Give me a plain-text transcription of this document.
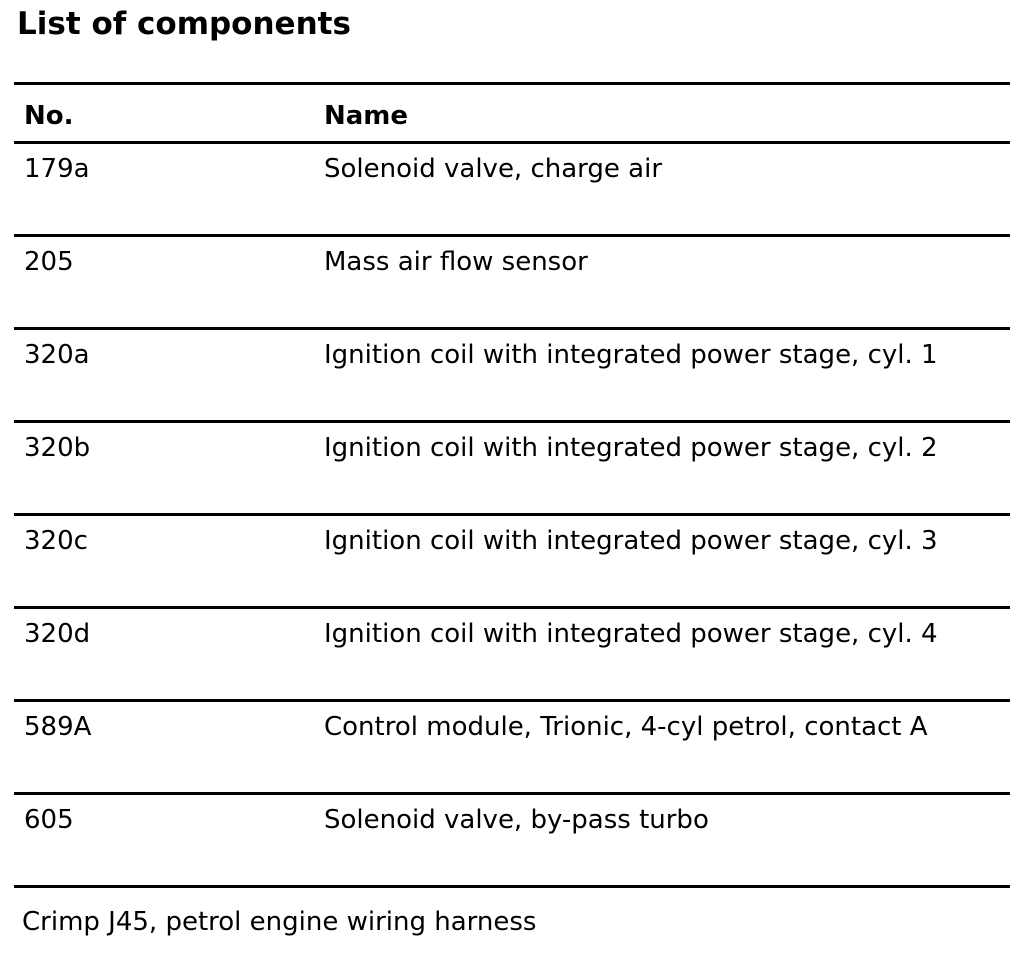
List of components
No.	Name
179a	Solenoid valve, charge air
205	Mass air flow sensor
320a	Ignition coil with integrated power stage, cyl. 1
320b	Ignition coil with integrated power stage, cyl. 2
320c	Ignition coil with integrated power stage, cyl. 3
320d	Ignition coil with integrated power stage, cyl. 4
589A	Control module, Trionic, 4-cyl petrol, contact A
605	Solenoid valve, by-pass turbo

Crimp J45, petrol engine wiring harness
